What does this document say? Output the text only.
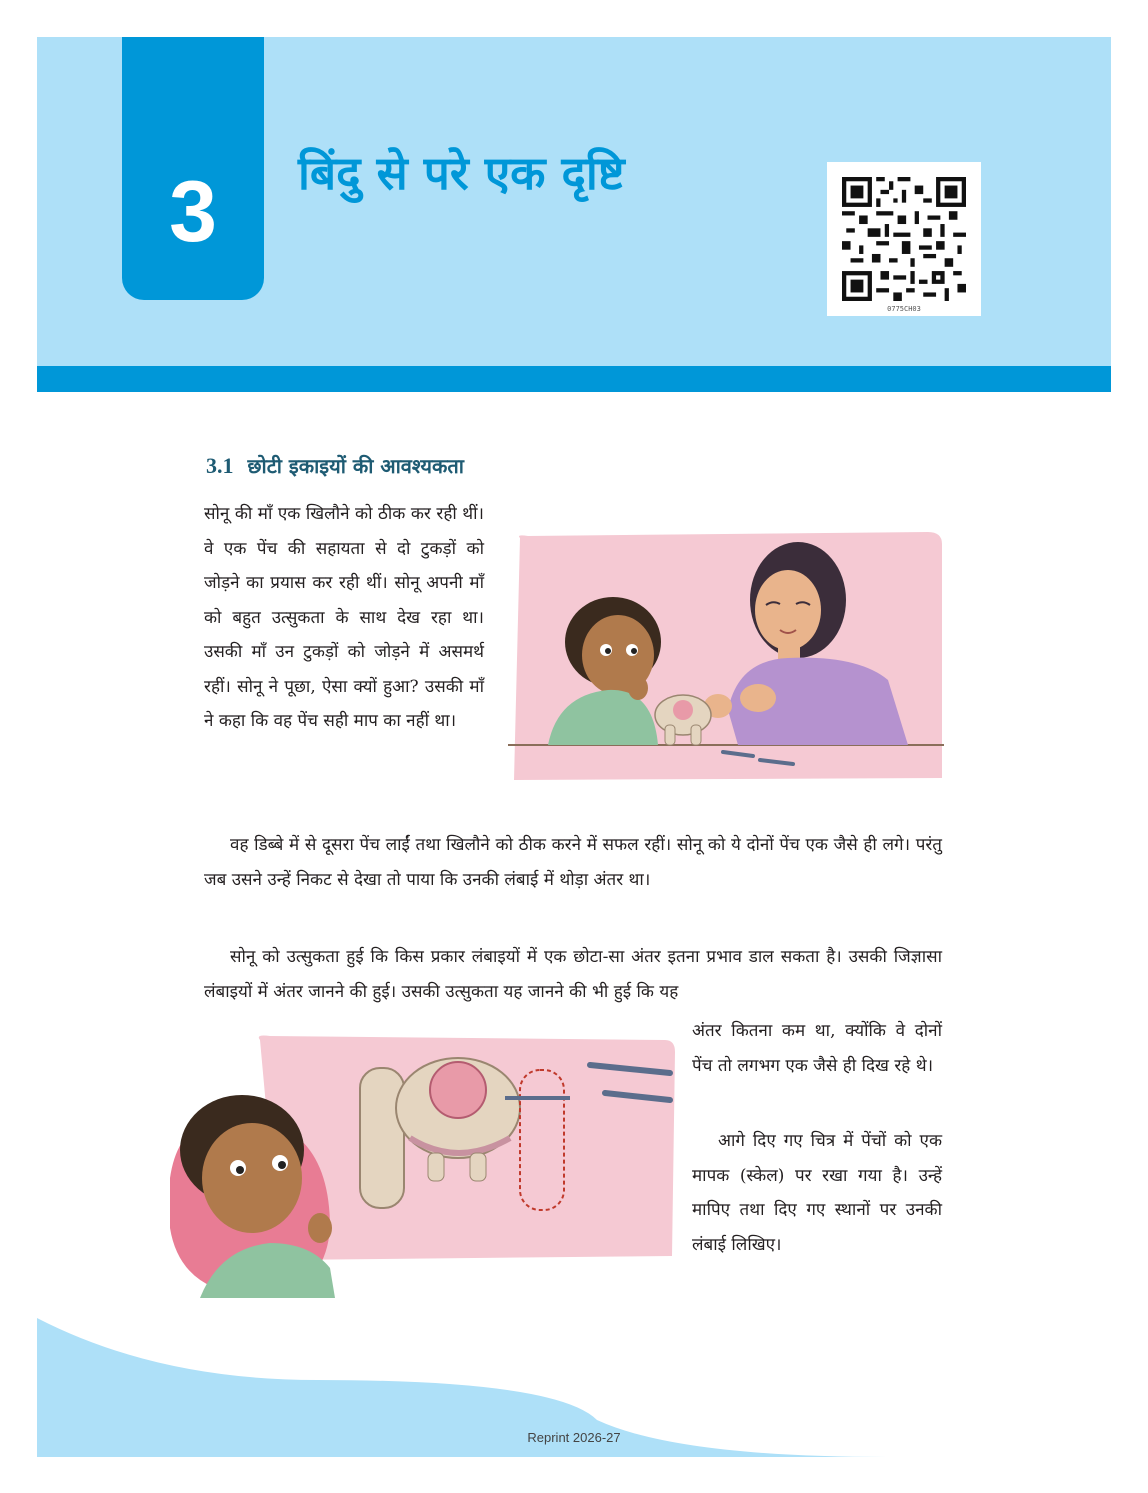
3	बिंदु से परे एक दृष्टि
0775CH03
3.1 छोटी इकाइयों की आवश्यकता

सोनू की माँ एक खिलौने को ठीक कर रही थीं। वे एक पेंच की सहायता से दो टुकड़ों को जोड़ने का प्रयास कर रही थीं। सोनू अपनी माँ को बहुत उत्सुकता के साथ देख रहा था। उसकी माँ उन टुकड़ों को जोड़ने में असमर्थ रहीं। सोनू ने पूछा, ऐसा क्यों हुआ? उसकी माँ ने कहा कि वह पेंच सही माप का नहीं था।

वह डिब्बे में से दूसरा पेंच लाईं तथा खिलौने को ठीक करने में सफल रहीं। सोनू को ये दोनों पेंच एक जैसे ही लगे। परंतु जब उसने उन्हें निकट से देखा तो पाया कि उनकी लंबाई में थोड़ा अंतर था।

सोनू को उत्सुकता हुई कि किस प्रकार लंबाइयों में एक छोटा-सा अंतर इतना प्रभाव डाल सकता है। उसकी जिज्ञासा लंबाइयों में अंतर जानने की हुई। उसकी उत्सुकता यह जानने की भी हुई कि यह

अंतर कितना कम था, क्योंकि वे दोनों पेंच तो लगभग एक जैसे ही दिख रहे थे।

आगे दिए गए चित्र में पेंचों को एक मापक (स्केल) पर रखा गया है। उन्हें मापिए तथा दिए गए स्थानों पर उनकी लंबाई लिखिए।

Reprint 2026-27
